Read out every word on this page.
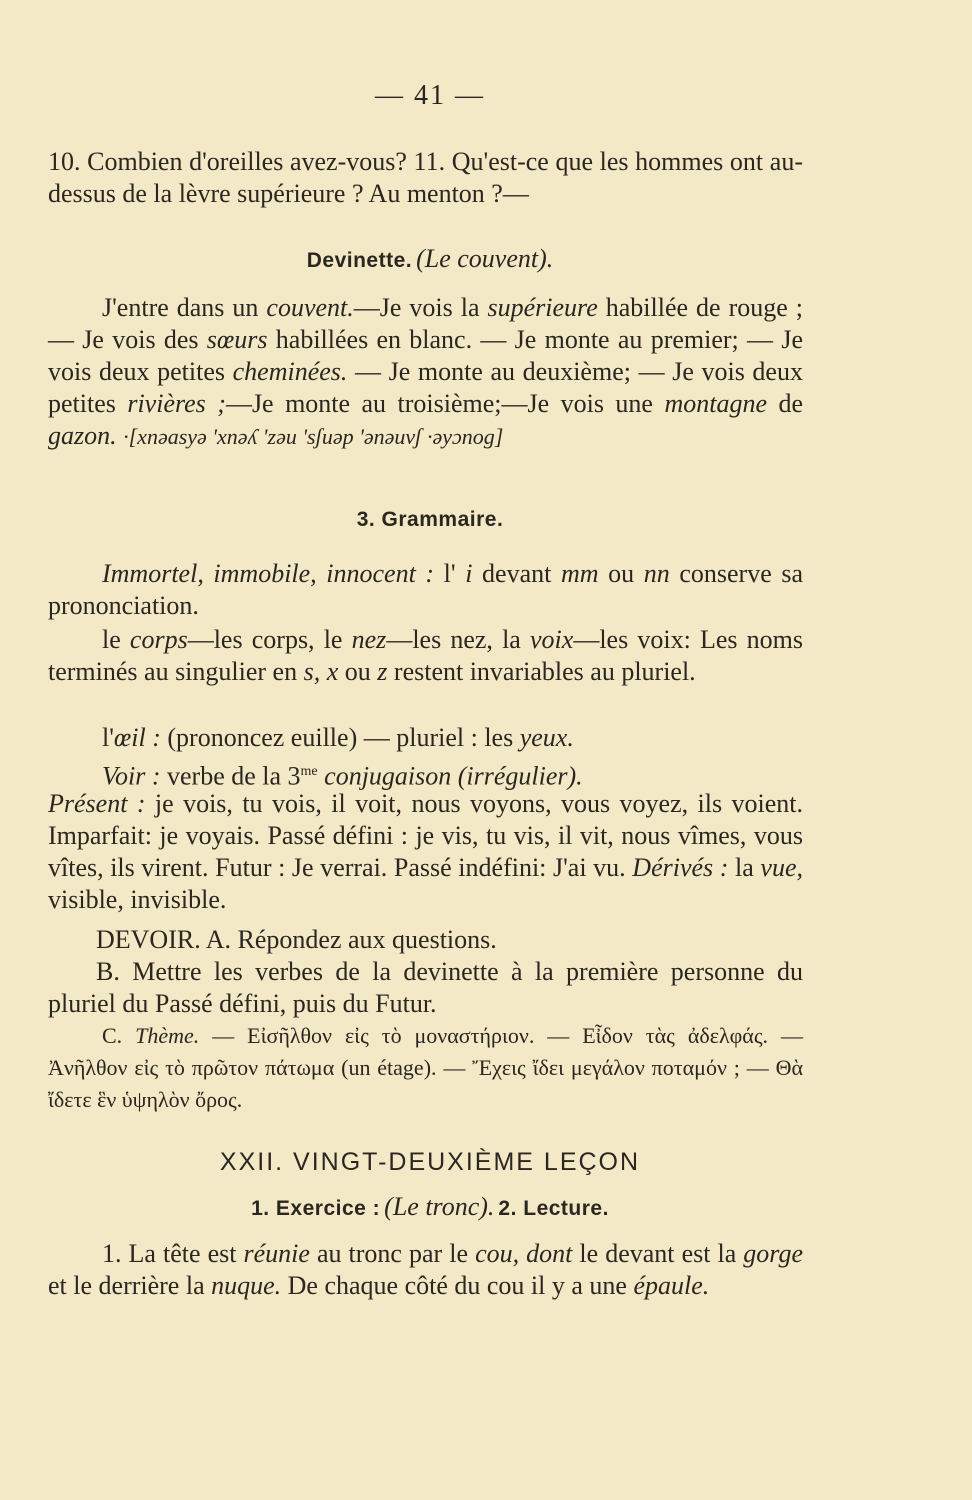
— 41 —
10. Combien d'oreilles avez-vous? 11. Qu'est-ce que les hommes ont au-dessus de la lèvre supérieure ? Au menton ?—
Devinette. (Le couvent).
J'entre dans un couvent.—Je vois la supérieure habillée de rouge ; — Je vois des sœurs habillées en blanc. — Je monte au premier; — Je vois deux petites cheminées. — Je monte au deuxième; — Je vois deux petites rivières ;—Je monte au troisième;—Je vois une montagne de gazon. ·[xnəasyə 'xnəʎ 'zəu 'sʃuəp 'ənəuvʃ ·əyɔnog]
3. Grammaire.
Immortel, immobile, innocent : l' i devant mm ou nn conserve sa prononciation.
le corps—les corps, le nez—les nez, la voix—les voix: Les noms terminés au singulier en s, x ou z restent invariables au pluriel.
l'œil : (prononcez euille) — pluriel : les yeux.
Voir : verbe de la $3^{me}$ conjugaison (irrégulier).
Présent : je vois, tu vois, il voit, nous voyons, vous voyez, ils voient. Imparfait: je voyais. Passé défini : je vis, tu vis, il vit, nous vîmes, vous vîtes, ils virent. Futur : Je verrai. Passé indéfini: J'ai vu. Dérivés : la vue, visible, invisible.
DEVOIR. A. Répondez aux questions.
B. Mettre les verbes de la devinette à la première personne du pluriel du Passé défini, puis du Futur.
C. Thème. — Εἰσῆλθον εἰς τὸ μοναστήριον. — Εἶδον τὰς ἀδελφάς. — Ἀνῆλθον εἰς τὸ πρῶτον πάτωμα (un étage). — Ἔχεις ἴδει μεγάλον ποταμόν ; — Θὰ ἴδετε ἓν ὑψηλὸν ὄρος.
XXII. VINGT-DEUXIÈME LEÇON
1. Exercice : (Le tronc). 2. Lecture.
1. La tête est réunie au tronc par le cou, dont le devant est la gorge et le derrière la nuque. De chaque côté du cou il y a une épaule.
